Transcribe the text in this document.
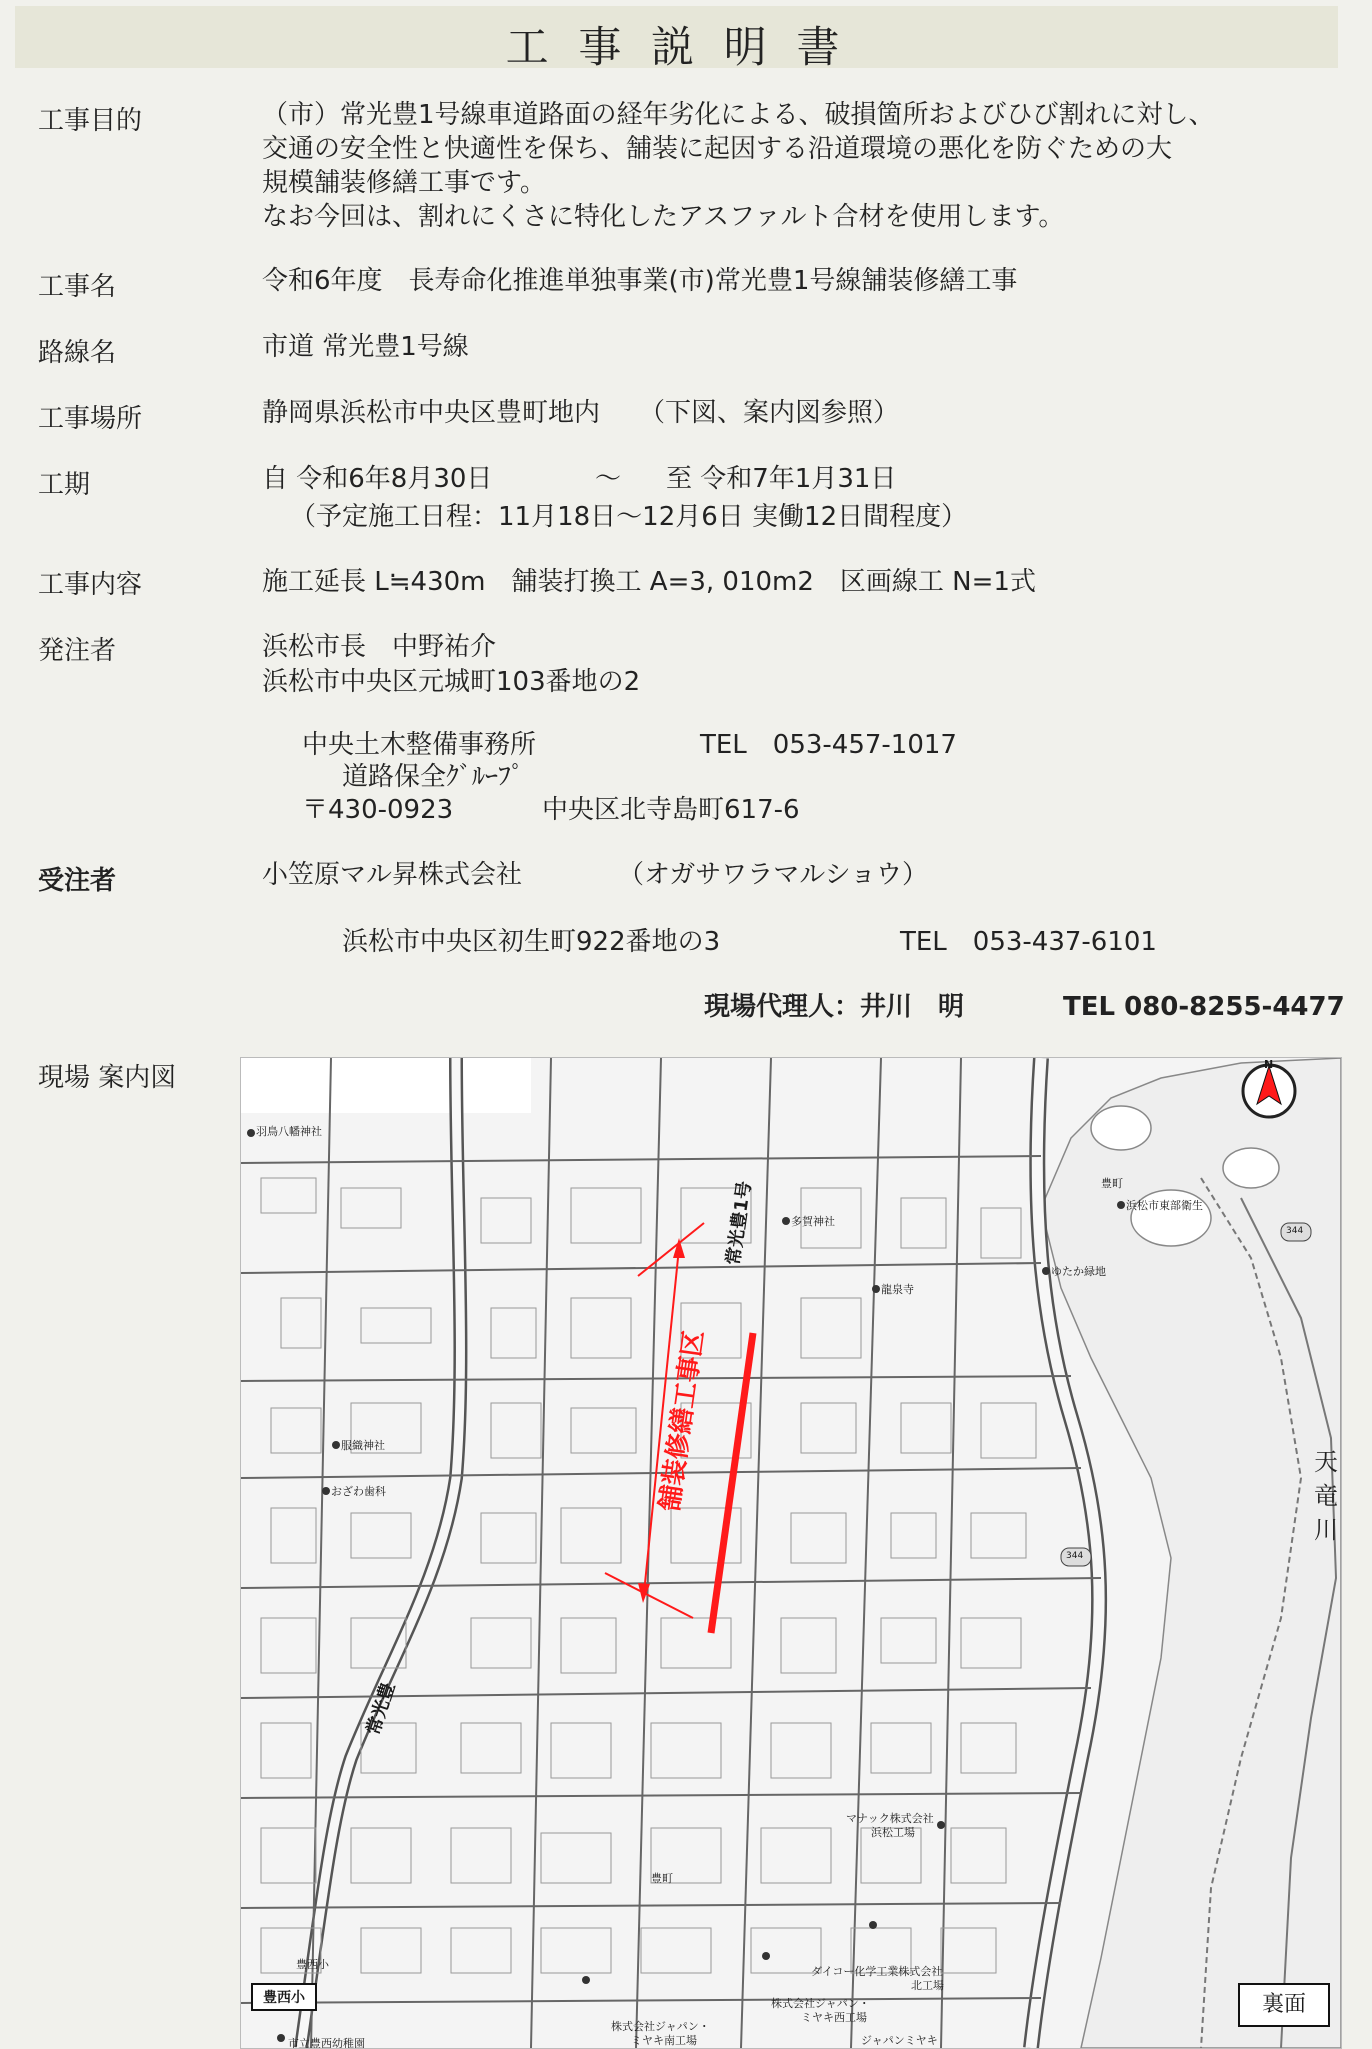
工 事 説 明 書
工事目的	（市）常光豊1号線車道路面の経年劣化による、破損箇所およびひび割れに対し、
交通の安全性と快適性を保ち、舗装に起因する沿道環境の悪化を防ぐための大
規模舗装修繕工事です。
なお今回は、割れにくさに特化したアスファルト合材を使用します。
工事名	令和6年度　長寿命化推進単独事業(市)常光豊1号線舗装修繕工事
路線名	市道 常光豊1号線
工事場所	静岡県浜松市中央区豊町地内　　（下図、案内図参照）
工期	自 令和6年8月30日	～ 至 令和7年1月31日
（予定施工日程：11月18日～12月6日 実働12日間程度）
工事内容	施工延長 L≒430m　舗装打換工 A=3, 010m2　区画線工 N=1式
発注者	浜松市長　中野祐介
浜松市中央区元城町103番地の2
中央土木整備事務所	TEL　053-457-1017
道路保全ｸﾞﾙｰﾌﾟ
〒430-0923	中央区北寺島町617-6
受注者	小笠原マル昇株式会社	（オガサワラマルショウ）
浜松市中央区初生町922番地の3	TEL　053-437-6101
現場代理人：井川　明	TEL 080-8255-4477
現場 案内図	N
羽鳥八幡神社
多賀神社
龍泉寺
服織神社
おざわ歯科
ゆたか緑地
豊町
浜松市東部衛生
344
344
マナック株式会社
浜松工場
豊町
ダイコー化学工業株式会社
北工場
株式会社ジャパン・
ミヤキ西工場
株式会社ジャパン・
ミヤキ南工場	ジャパンミヤキ
豊西小
市立豊西幼稚園
豊西小
常光豊1号
舗装修繕工事区
常光豊
天
竜
川
裏面
